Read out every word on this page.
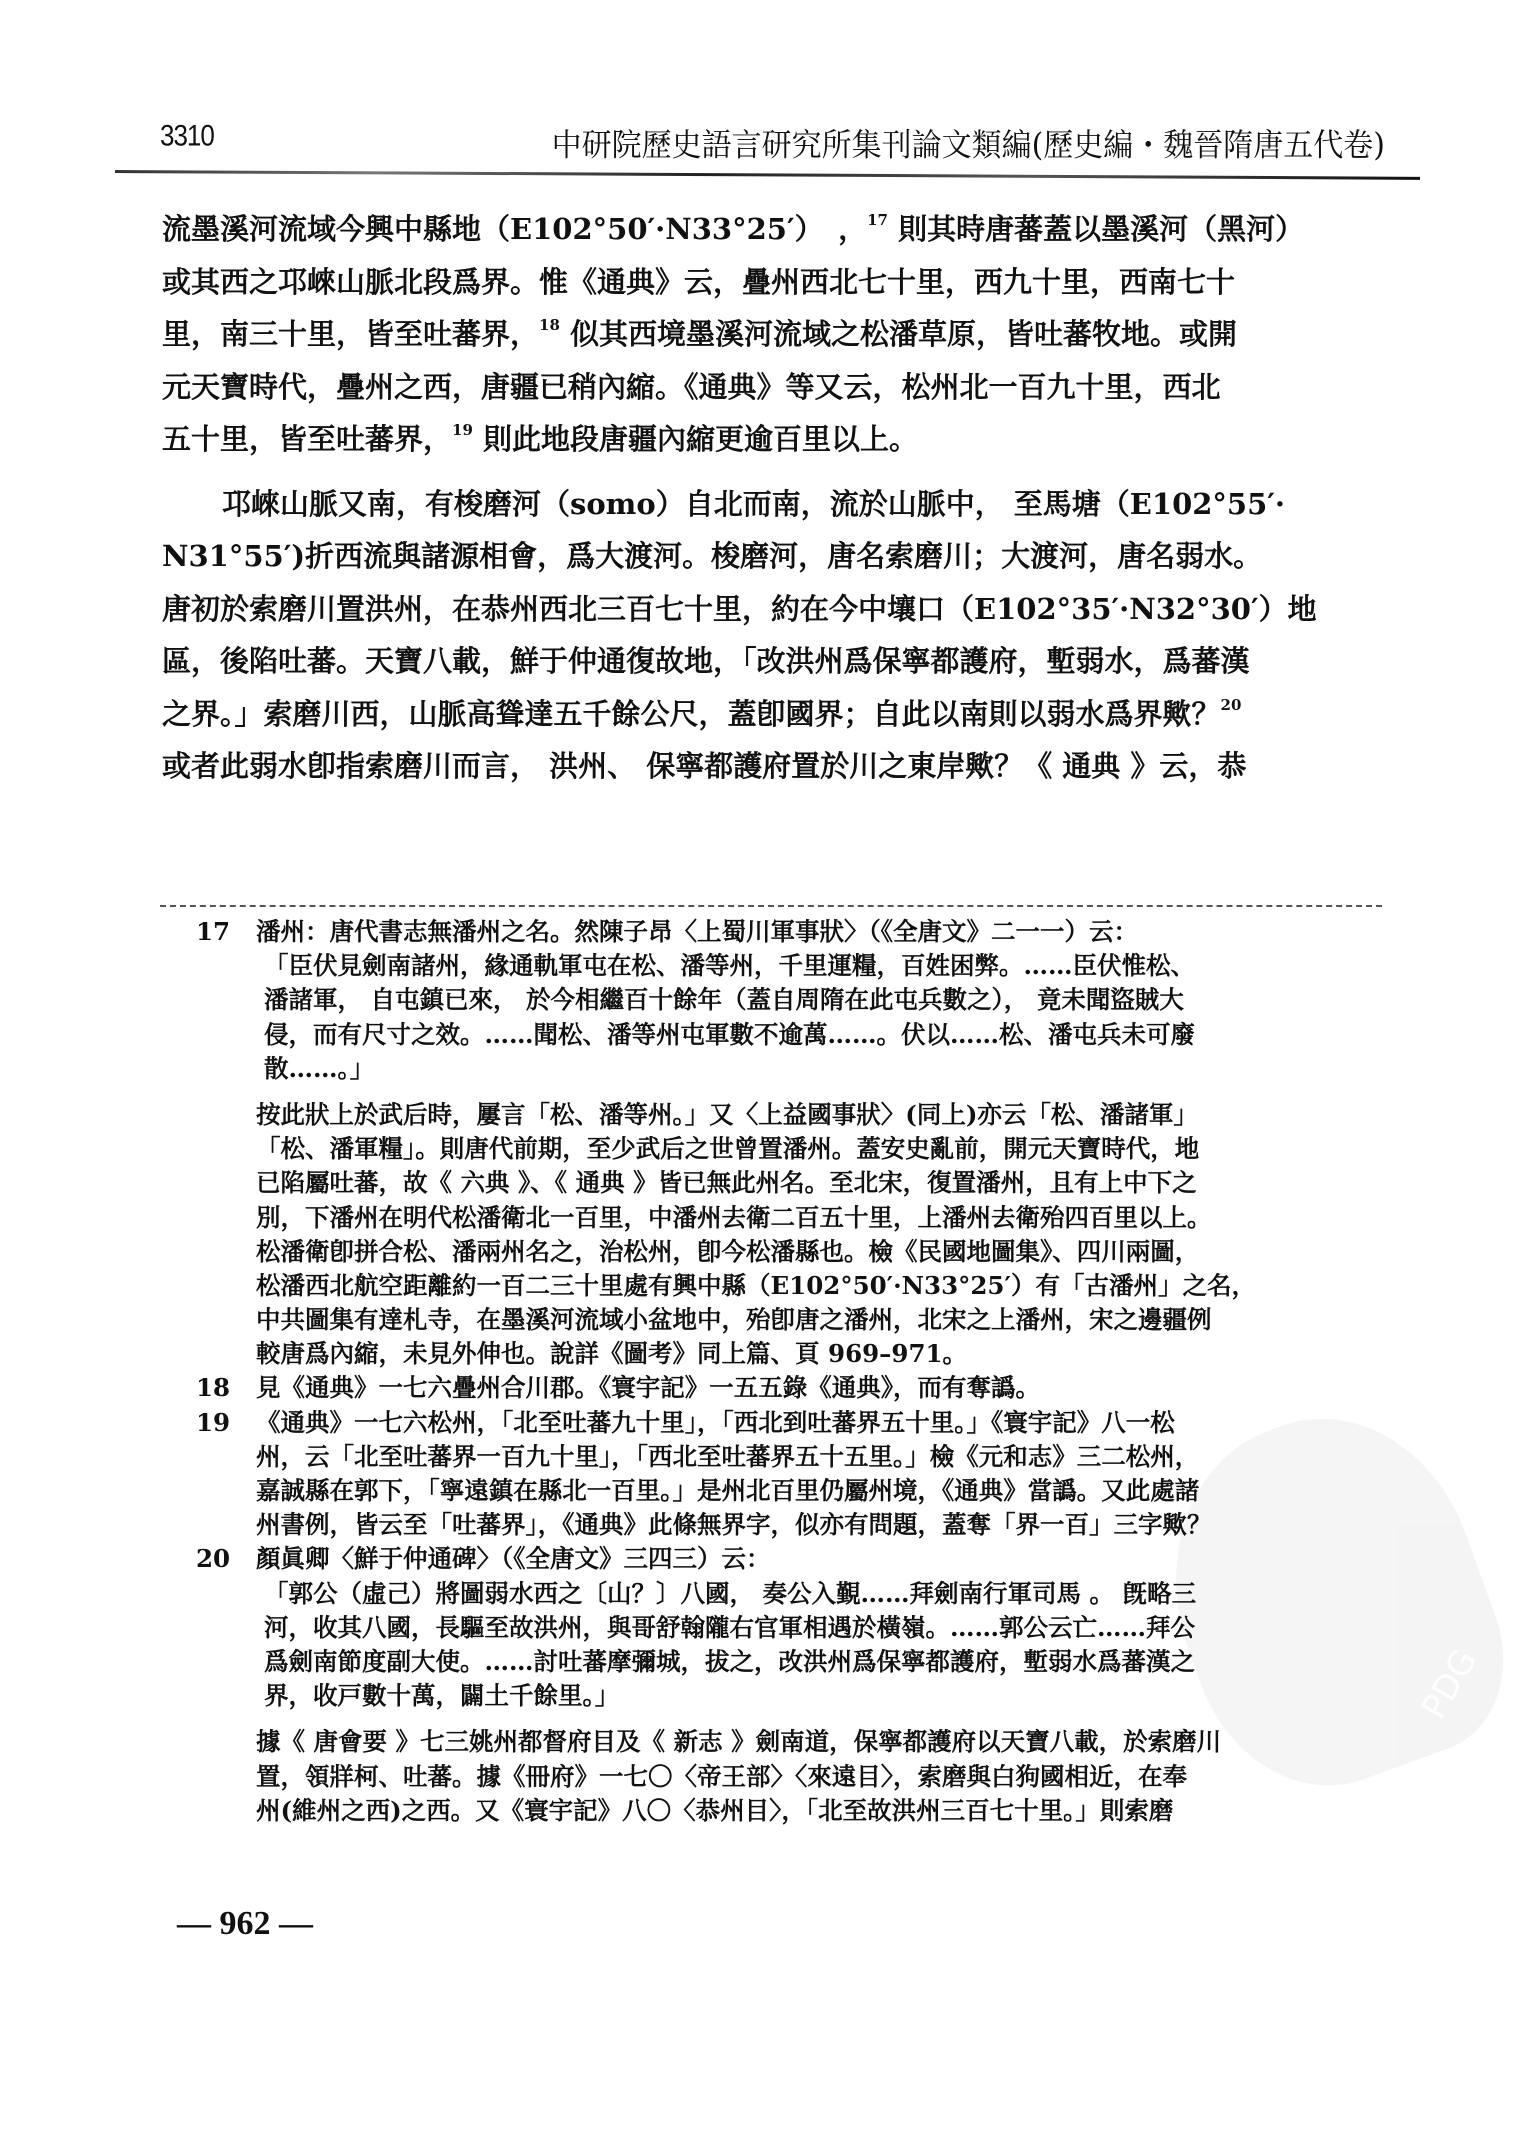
3310	中研院歷史語言研究所集刊論文類編(歷史編・魏晉隋唐五代卷)
PDG
流墨溪河流域今興中縣地（E102°50′·N33°25′）　，$^{17}$ 則其時唐蕃蓋以墨溪河（黑河）
或其西之邛崍山脈北段爲界。惟《通典》云，疊州西北七十里，西九十里，西南七十
里，南三十里，皆至吐蕃界，$^{18}$ 似其西境墨溪河流域之松潘草原，皆吐蕃牧地。或開
元天寶時代，疊州之西，唐疆已稍內縮。《通典》等又云，松州北一百九十里，西北
五十里，皆至吐蕃界，$^{19}$ 則此地段唐疆內縮更逾百里以上。
邛崍山脈又南，有梭磨河（somo）自北而南，流於山脈中， 至馬塘（E102°55′·
N31°55′)折西流與諸源相會，爲大渡河。梭磨河，唐名索磨川；大渡河，唐名弱水。
唐初於索磨川置洪州，在恭州西北三百七十里，約在今中壤口（E102°35′·N32°30′）地
區，後陷吐蕃。天寶八載，鮮于仲通復故地，「改洪州爲保寧都護府，塹弱水，爲蕃漢
之界。」索磨川西，山脈高聳達五千餘公尺，蓋卽國界；自此以南則以弱水爲界歟？$^{20}$
或者此弱水卽指索磨川而言， 洪州、 保寧都護府置於川之東岸歟？《 通典 》云，恭
17	潘州：唐代書志無潘州之名。然陳子昂〈上蜀川軍事狀〉（《全唐文》二一一）云：
「臣伏見劍南諸州，緣通軌軍屯在松、潘等州，千里運糧，百姓困弊。……臣伏惟松、
潘諸軍， 自屯鎮已來， 於今相繼百十餘年（蓋自周隋在此屯兵數之）， 竟未聞盜賊大
侵，而有尺寸之效。……聞松、潘等州屯軍數不逾萬……。伏以……松、潘屯兵未可廢
散……。」
按此狀上於武后時，屢言「松、潘等州。」又〈上益國事狀〉(同上)亦云「松、潘諸軍」
「松、潘軍糧」。則唐代前期，至少武后之世曾置潘州。蓋安史亂前，開元天寶時代，地
已陷屬吐蕃，故《 六典 》、《 通典 》皆已無此州名。至北宋，復置潘州，且有上中下之
別，下潘州在明代松潘衛北一百里，中潘州去衛二百五十里，上潘州去衛殆四百里以上。
松潘衛卽拼合松、潘兩州名之，治松州，卽今松潘縣也。檢《民國地圖集》、四川兩圖，
松潘西北航空距離約一百二三十里處有興中縣（E102°50′·N33°25′）有「古潘州」之名，
中共圖集有達札寺，在墨溪河流域小盆地中，殆卽唐之潘州，北宋之上潘州，宋之邊疆例
較唐爲內縮，未見外伸也。說詳《圖考》同上篇、頁 969–971。
18	見《通典》一七六疊州合川郡。《寰宇記》一五五錄《通典》，而有奪譌。
19	《通典》一七六松州，「北至吐蕃九十里」，「西北到吐蕃界五十里。」《寰宇記》八一松
州，云「北至吐蕃界一百九十里」，「西北至吐蕃界五十五里。」檢《元和志》三二松州，
嘉誠縣在郭下，「寧遠鎮在縣北一百里。」是州北百里仍屬州境，《通典》當譌。又此處諸
州書例，皆云至「吐蕃界」，《通典》此條無界字，似亦有問題，蓋奪「界一百」三字歟？
20	顏眞卿〈鮮于仲通碑〉（《全唐文》三四三）云：
「郭公（虛己）將圖弱水西之〔山？〕八國， 奏公入覲……拜劍南行軍司馬 。 旣略三
河，收其八國，長驅至故洪州，與哥舒翰隴右官軍相遇於橫嶺。……郭公云亡……拜公
爲劍南節度副大使。……討吐蕃摩彌城，拔之，改洪州爲保寧都護府，塹弱水爲蕃漢之
界，收戸數十萬，闢土千餘里。」
據《 唐會要 》七三姚州都督府目及《 新志 》劍南道，保寧都護府以天寶八載，於索磨川
置，領牂柯、吐蕃。據《冊府》一七〇〈帝王部〉〈來遠目〉，索磨與白狗國相近，在奉
州(維州之西)之西。又《寰宇記》八〇〈恭州目〉，「北至故洪州三百七十里。」則索磨
— 962 —
